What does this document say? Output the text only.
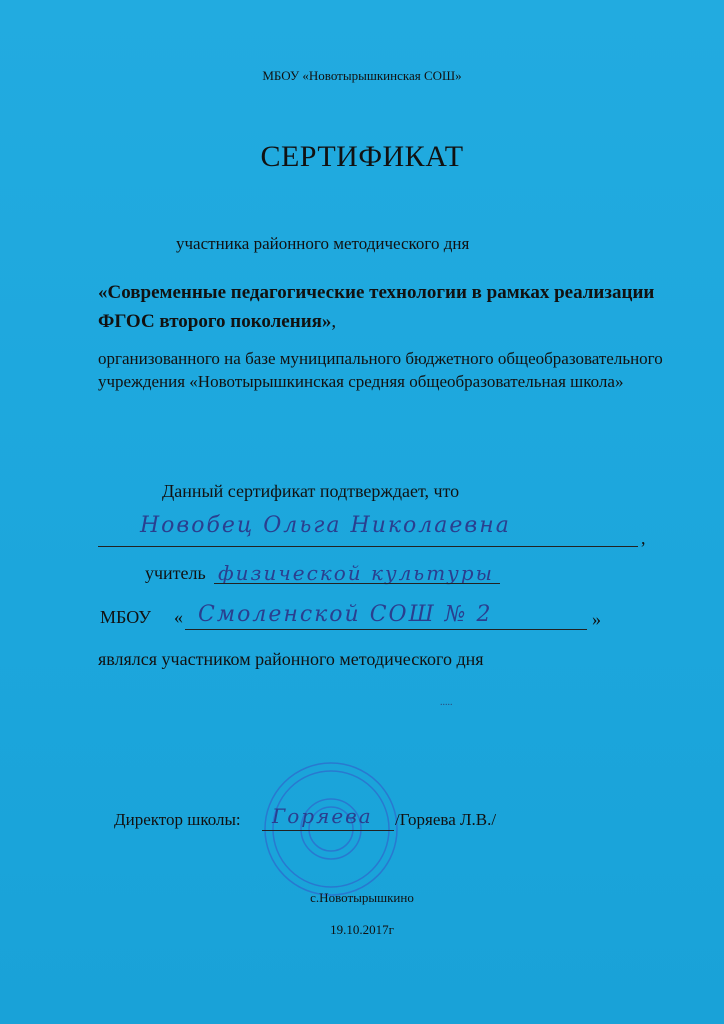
МБОУ «Новотырышкинская СОШ»
СЕРТИФИКАТ
участника районного методического дня
«Современные педагогические технологии в рамках реализации ФГОС второго поколения»,
организованного на базе муниципального бюджетного общеобразовательного учреждения «Новотырышкинская средняя общеобразовательная школа»
Данный сертификат подтверждает, что
Новобец Ольга Николаевна	,
учитель физической культуры
МБОУ « Смоленской СОШ № 2	»
являлся участником районного методического дня
.....
Директор школы: Горяева /Горяева Л.В./
с.Новотырышкино
19.10.2017г
